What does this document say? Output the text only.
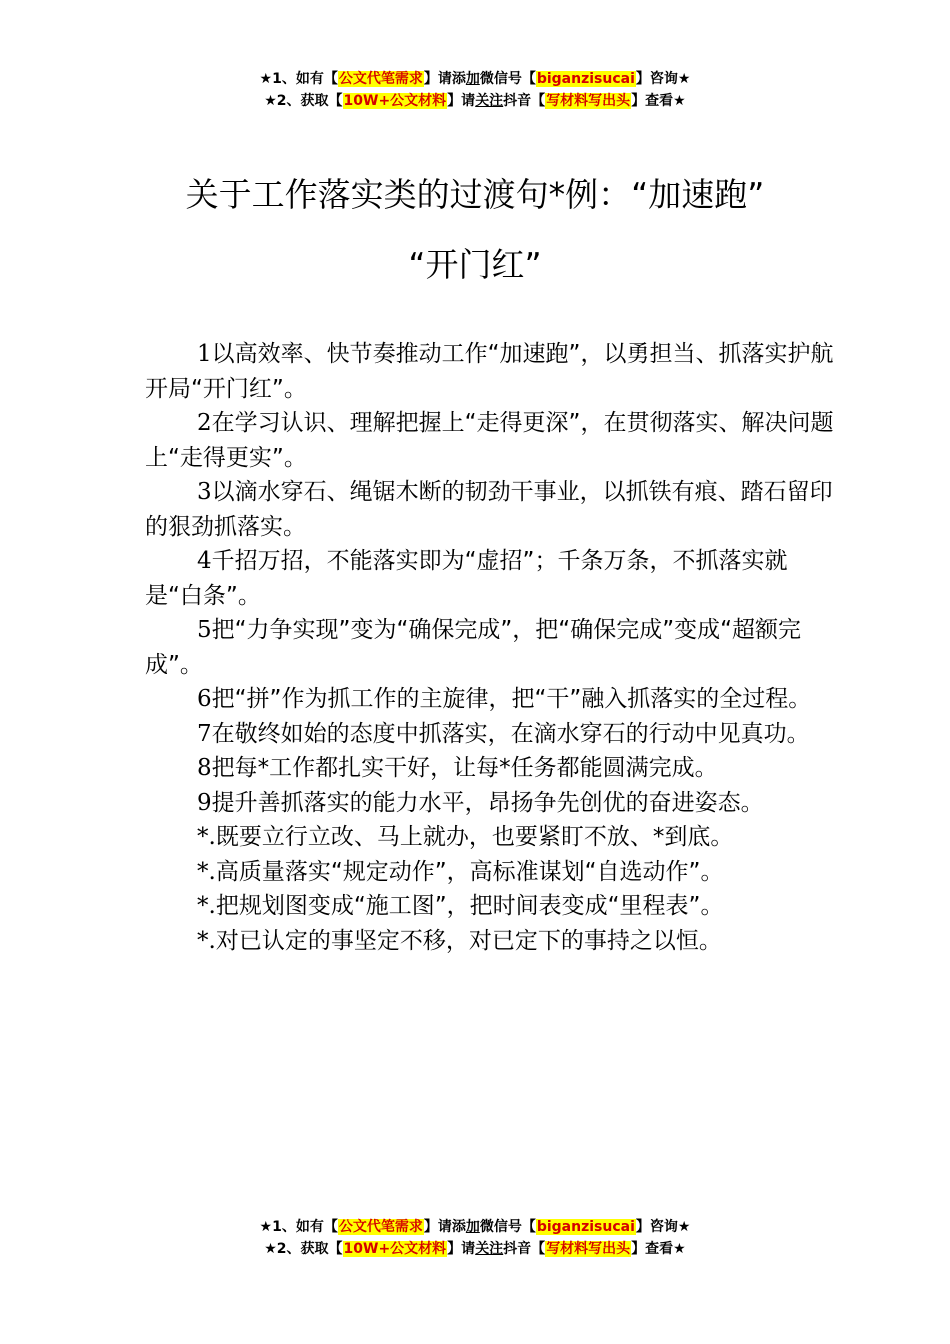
★1、如有【公文代笔需求】请添加微信号【biganzisucai】咨询★
★2、获取【10W+公文材料】请关注抖音【写材料写出头】查看★
关于工作落实类的过渡句*例：“加速跑”
“开门红”

1以高效率、快节奏推动工作“加速跑”，以勇担当、抓落实护航开局“开门红”。

2在学习认识、理解把握上“走得更深”，在贯彻落实、解决问题上“走得更实”。

3以滴水穿石、绳锯木断的韧劲干事业，以抓铁有痕、踏石留印的狠劲抓落实。

4千招万招，不能落实即为“虚招”；千条万条，不抓落实就是“白条”。

5把“力争实现”变为“确保完成”，把“确保完成”变成“超额完成”。

6把“拼”作为抓工作的主旋律，把“干”融入抓落实的全过程。

7在敬终如始的态度中抓落实，在滴水穿石的行动中见真功。

8把每*工作都扎实干好，让每*任务都能圆满完成。

9提升善抓落实的能力水平，昂扬争先创优的奋进姿态。

*.既要立行立改、马上就办，也要紧盯不放、*到底。

*.高质量落实“规定动作”，高标准谋划“自选动作”。

*.把规划图变成“施工图”，把时间表变成“里程表”。

*.对已认定的事坚定不移，对已定下的事持之以恒。

★1、如有【公文代笔需求】请添加微信号【biganzisucai】咨询★
★2、获取【10W+公文材料】请关注抖音【写材料写出头】查看★
